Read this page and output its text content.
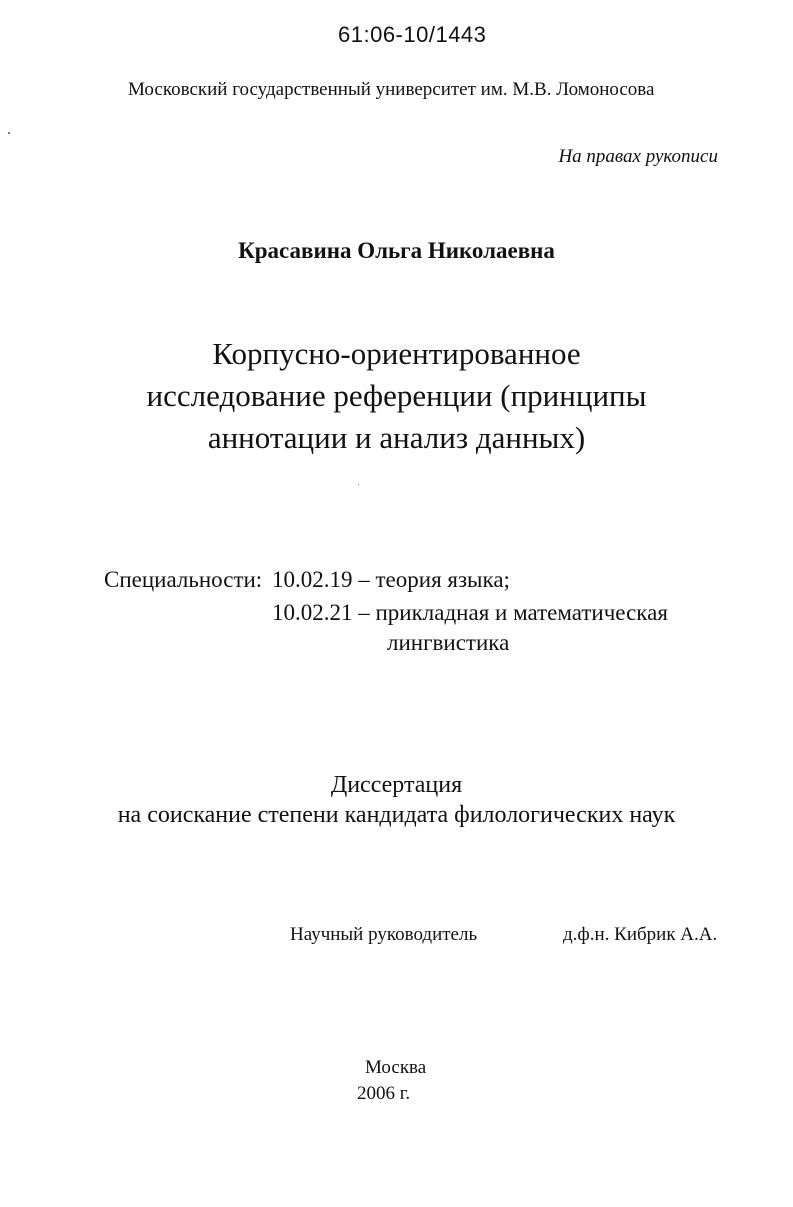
61:06-10/1443
Московский государственный университет им. М.В. Ломоносова
На правах рукописи
Красавина Ольга Николаевна
Корпусно-ориентированное
исследование референции (принципы
аннотации и анализ данных)
Специальности: 10.02.19 – теория языка;
10.02.21 – прикладная и математическая
лингвистика
Диссертация
на соискание степени кандидата филологических наук
Научный руководитель	д.ф.н. Кибрик А.А.
Москва
2006 г.
